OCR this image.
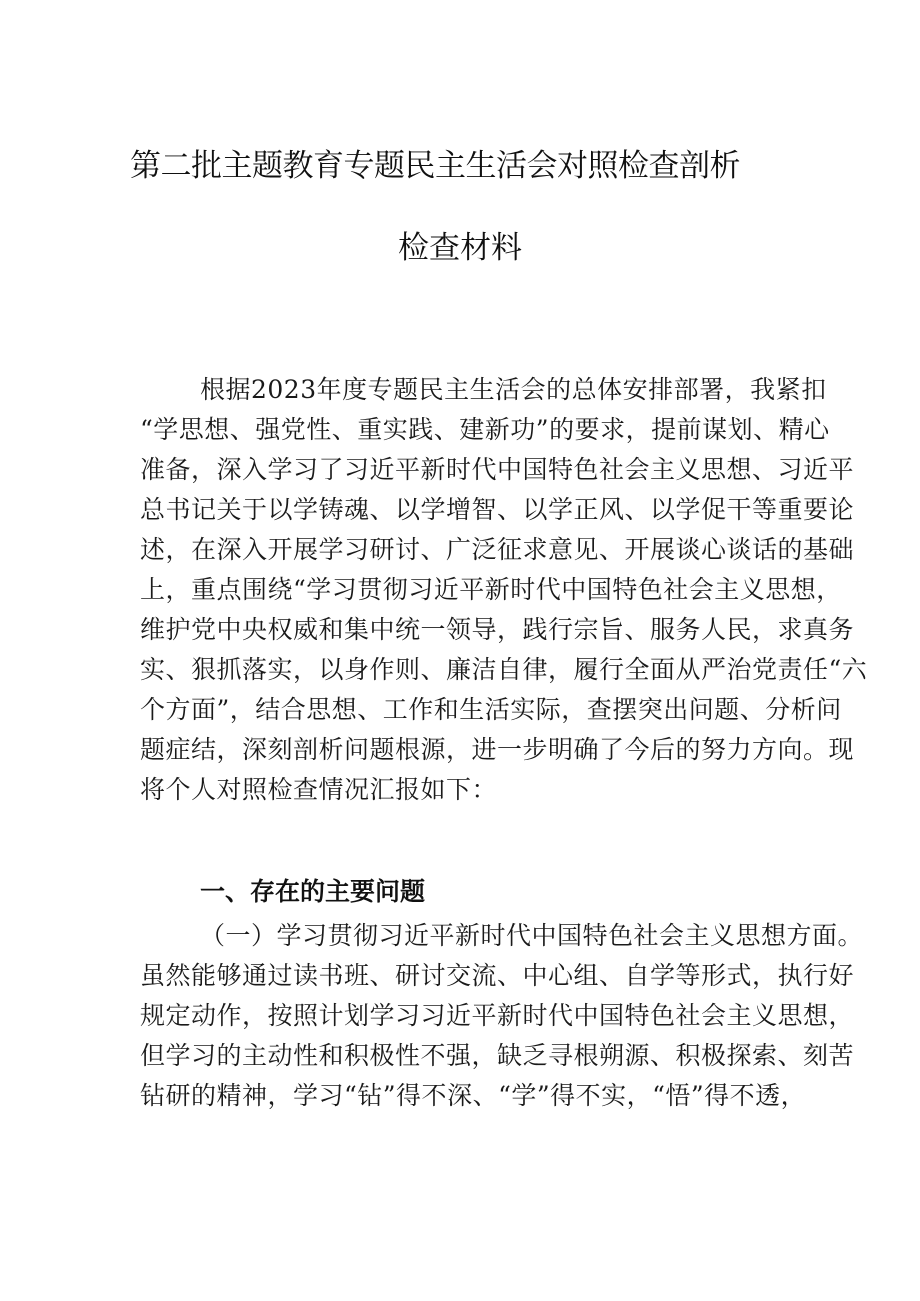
第二批主题教育专题民主生活会对照检查剖析
检查材料
根据2023年度专题民主生活会的总体安排部署，我紧扣
“学思想、强党性、重实践、建新功”的要求，提前谋划、精心
准备，深入学习了习近平新时代中国特色社会主义思想、习近平
总书记关于以学铸魂、以学增智、以学正风、以学促干等重要论
述，在深入开展学习研讨、广泛征求意见、开展谈心谈话的基础
上，重点围绕“学习贯彻习近平新时代中国特色社会主义思想，
维护党中央权威和集中统一领导，践行宗旨、服务人民，求真务
实、狠抓落实，以身作则、廉洁自律，履行全面从严治党责任“六
个方面”，结合思想、工作和生活实际，查摆突出问题、分析问
题症结，深刻剖析问题根源，进一步明确了今后的努力方向。现
将个人对照检查情况汇报如下：
一、存在的主要问题
（一）学习贯彻习近平新时代中国特色社会主义思想方面。
虽然能够通过读书班、研讨交流、中心组、自学等形式，执行好
规定动作，按照计划学习习近平新时代中国特色社会主义思想，
但学习的主动性和积极性不强，缺乏寻根朔源、积极探索、刻苦
钻研的精神，学习“钻”得不深、“学”得不实，“悟”得不透，
